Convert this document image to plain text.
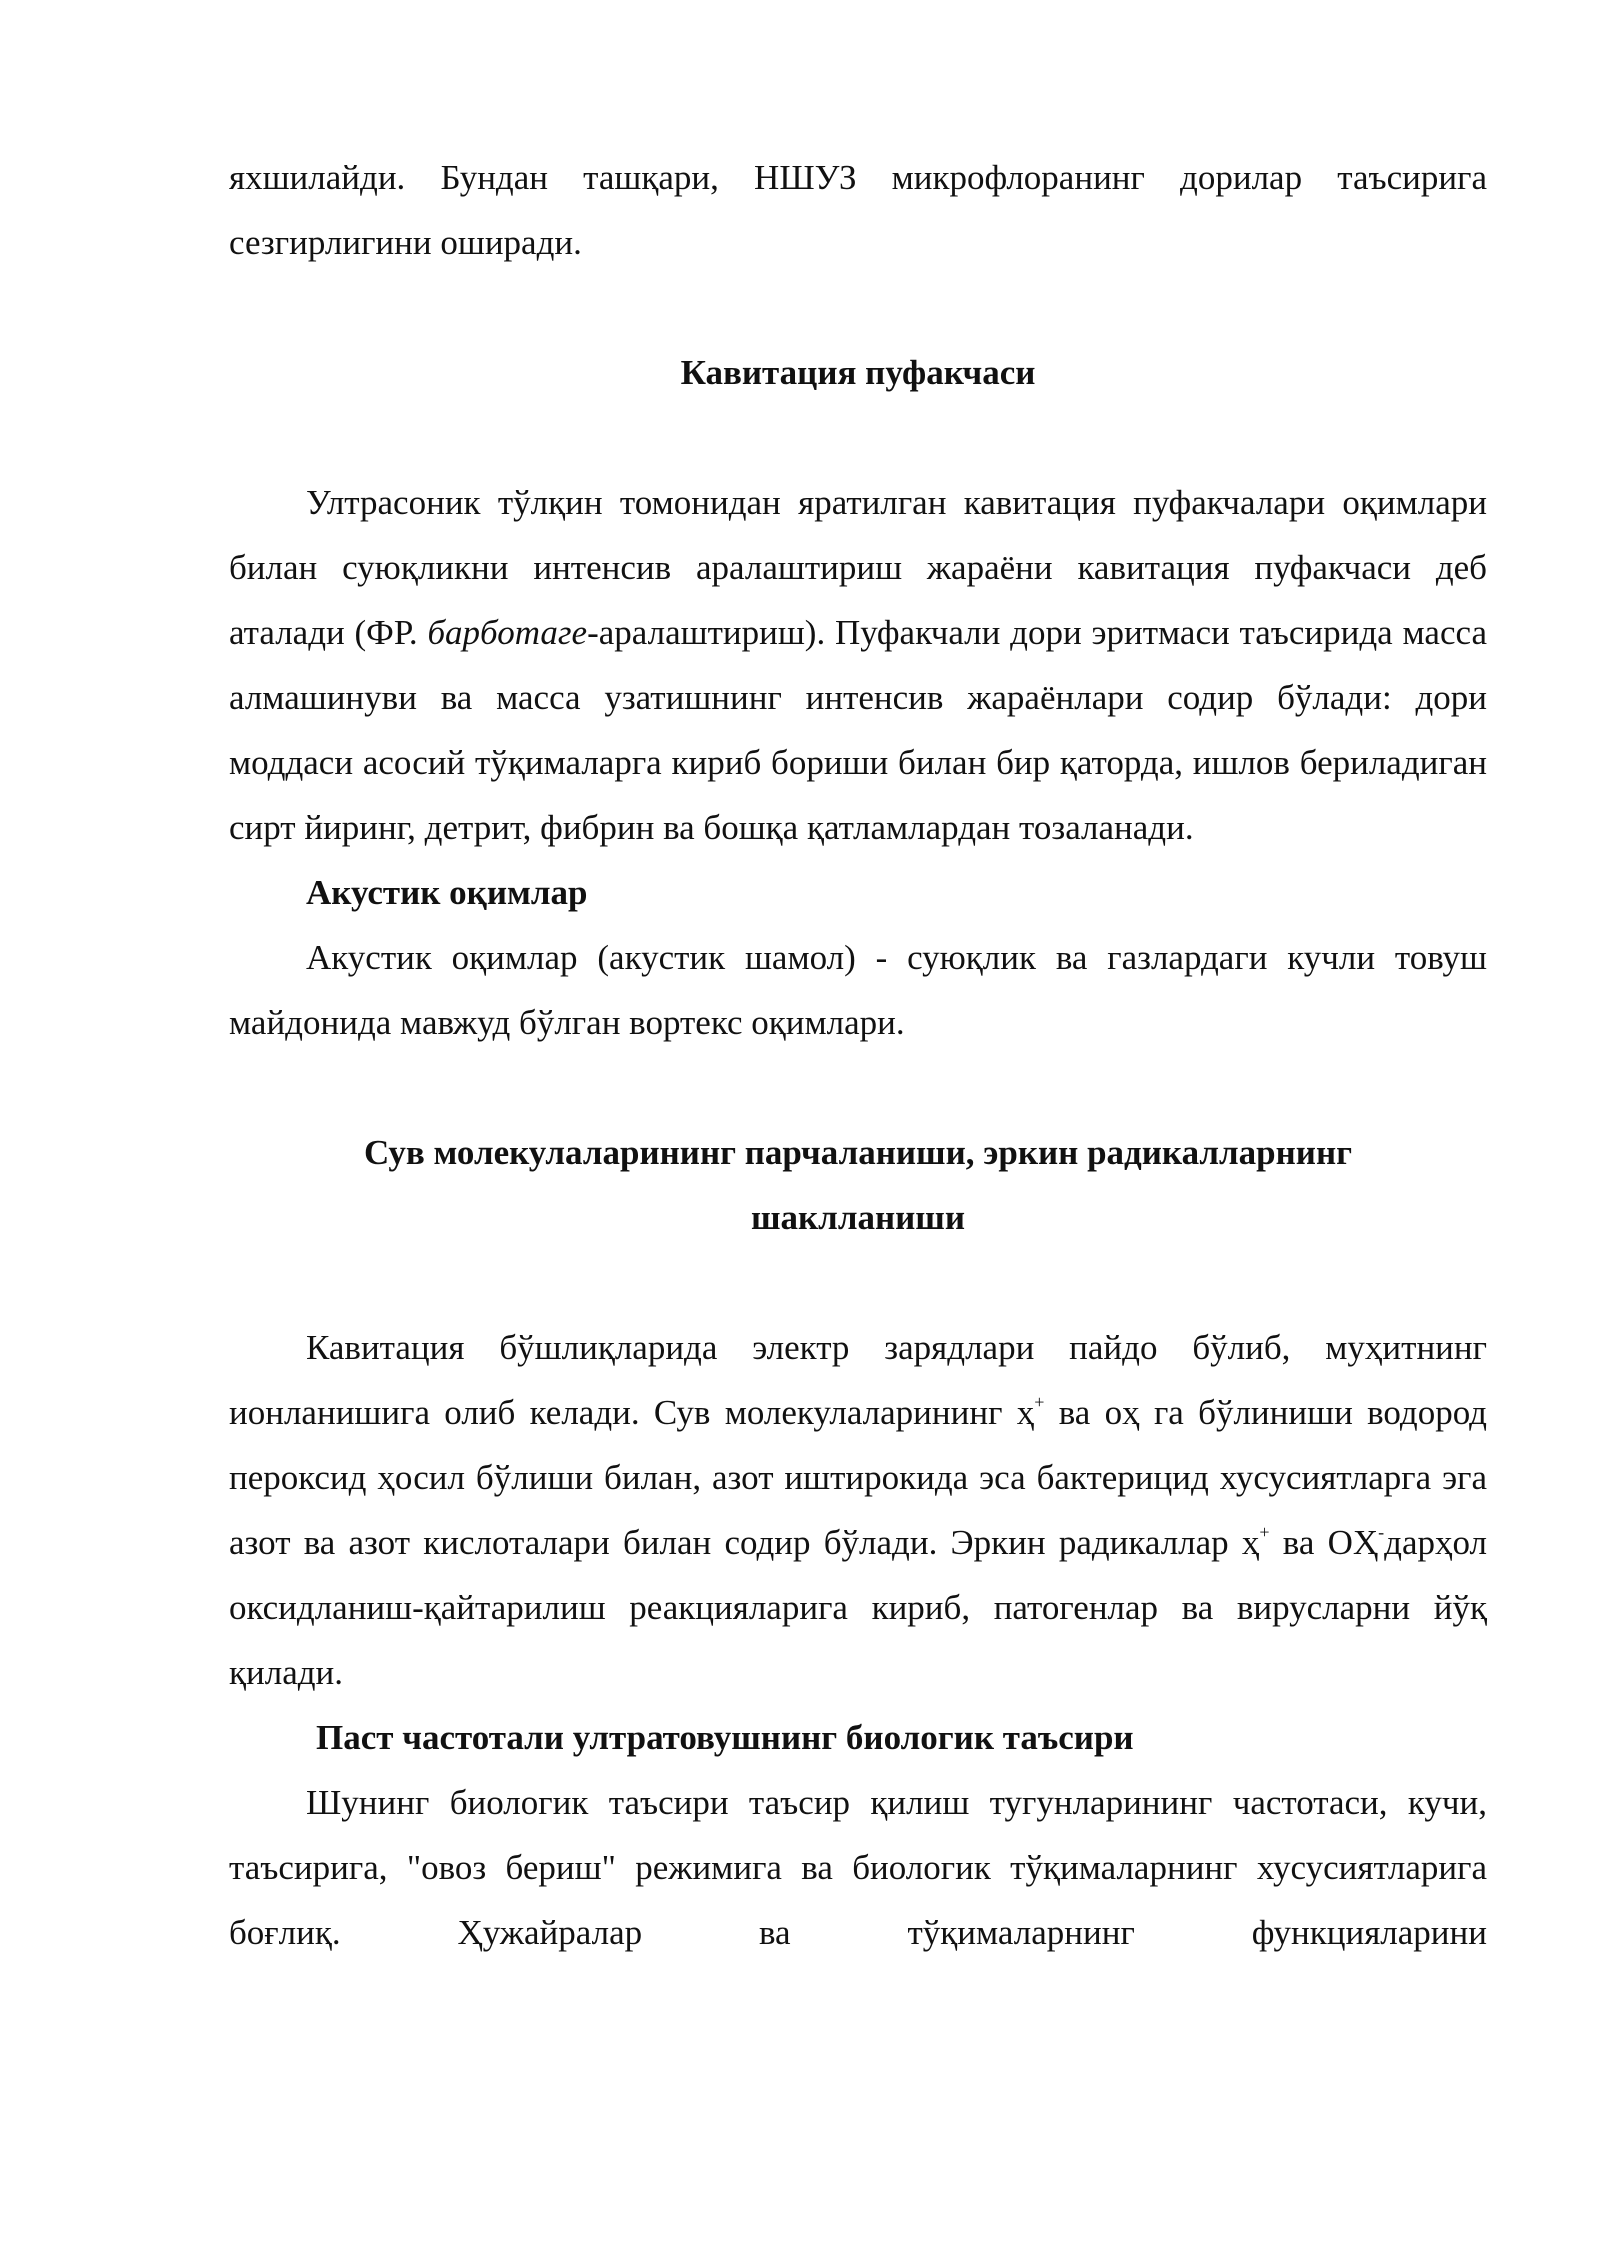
яхшилайди. Бундан ташқари, НШУЗ микрофлоранинг дорилар таъсирига сезгирлигини оширади.

Кавитация пуфакчаси

Ултрасоник тўлқин томонидан яратилган кавитация пуфакчалари оқимлари билан суюқликни интенсив аралаштириш жараёни кавитация пуфакчаси деб аталади (ФР. барботаге-аралаштириш). Пуфакчали дори эритмаси таъсирида масса алмашинуви ва масса узатишнинг интенсив жараёнлари содир бўлади: дори моддаси асосий тўқималарга кириб бориши билан бир қаторда, ишлов бериладиган сирт йиринг, детрит, фибрин ва бошқа қатламлардан тозаланади.

Акустик оқимлар

Акустик оқимлар (акустик шамол) - суюқлик ва газлардаги кучли товуш майдонида мавжуд бўлган вортекс оқимлари.

Сув молекулаларининг парчаланиши, эркин радикалларнинг
шаклланиши

Кавитация бўшлиқларида электр зарядлари пайдо бўлиб, муҳитнинг ионланишига олиб келади. Сув молекулаларининг ҳ+ ва оҳ га бўлиниши водород пероксид ҳосил бўлиши билан, азот иштирокида эса бактерицид хусусиятларга эга азот ва азот кислоталари билан содир бўлади. Эркин радикаллар ҳ+ ва ОҲ-дарҳол оксидланиш-қайтарилиш реакцияларига кириб, патогенлар ва вирусларни йўқ қилади.

Паст частотали ултратовушнинг биологик таъсири

Шунинг биологик таъсири таъсир қилиш тугунларининг частотаси, кучи, таъсирига, "овоз бериш" режимига ва биологик тўқималарнинг хусусиятларига боғлиқ. Ҳужайралар ва тўқималарнинг функцияларини
